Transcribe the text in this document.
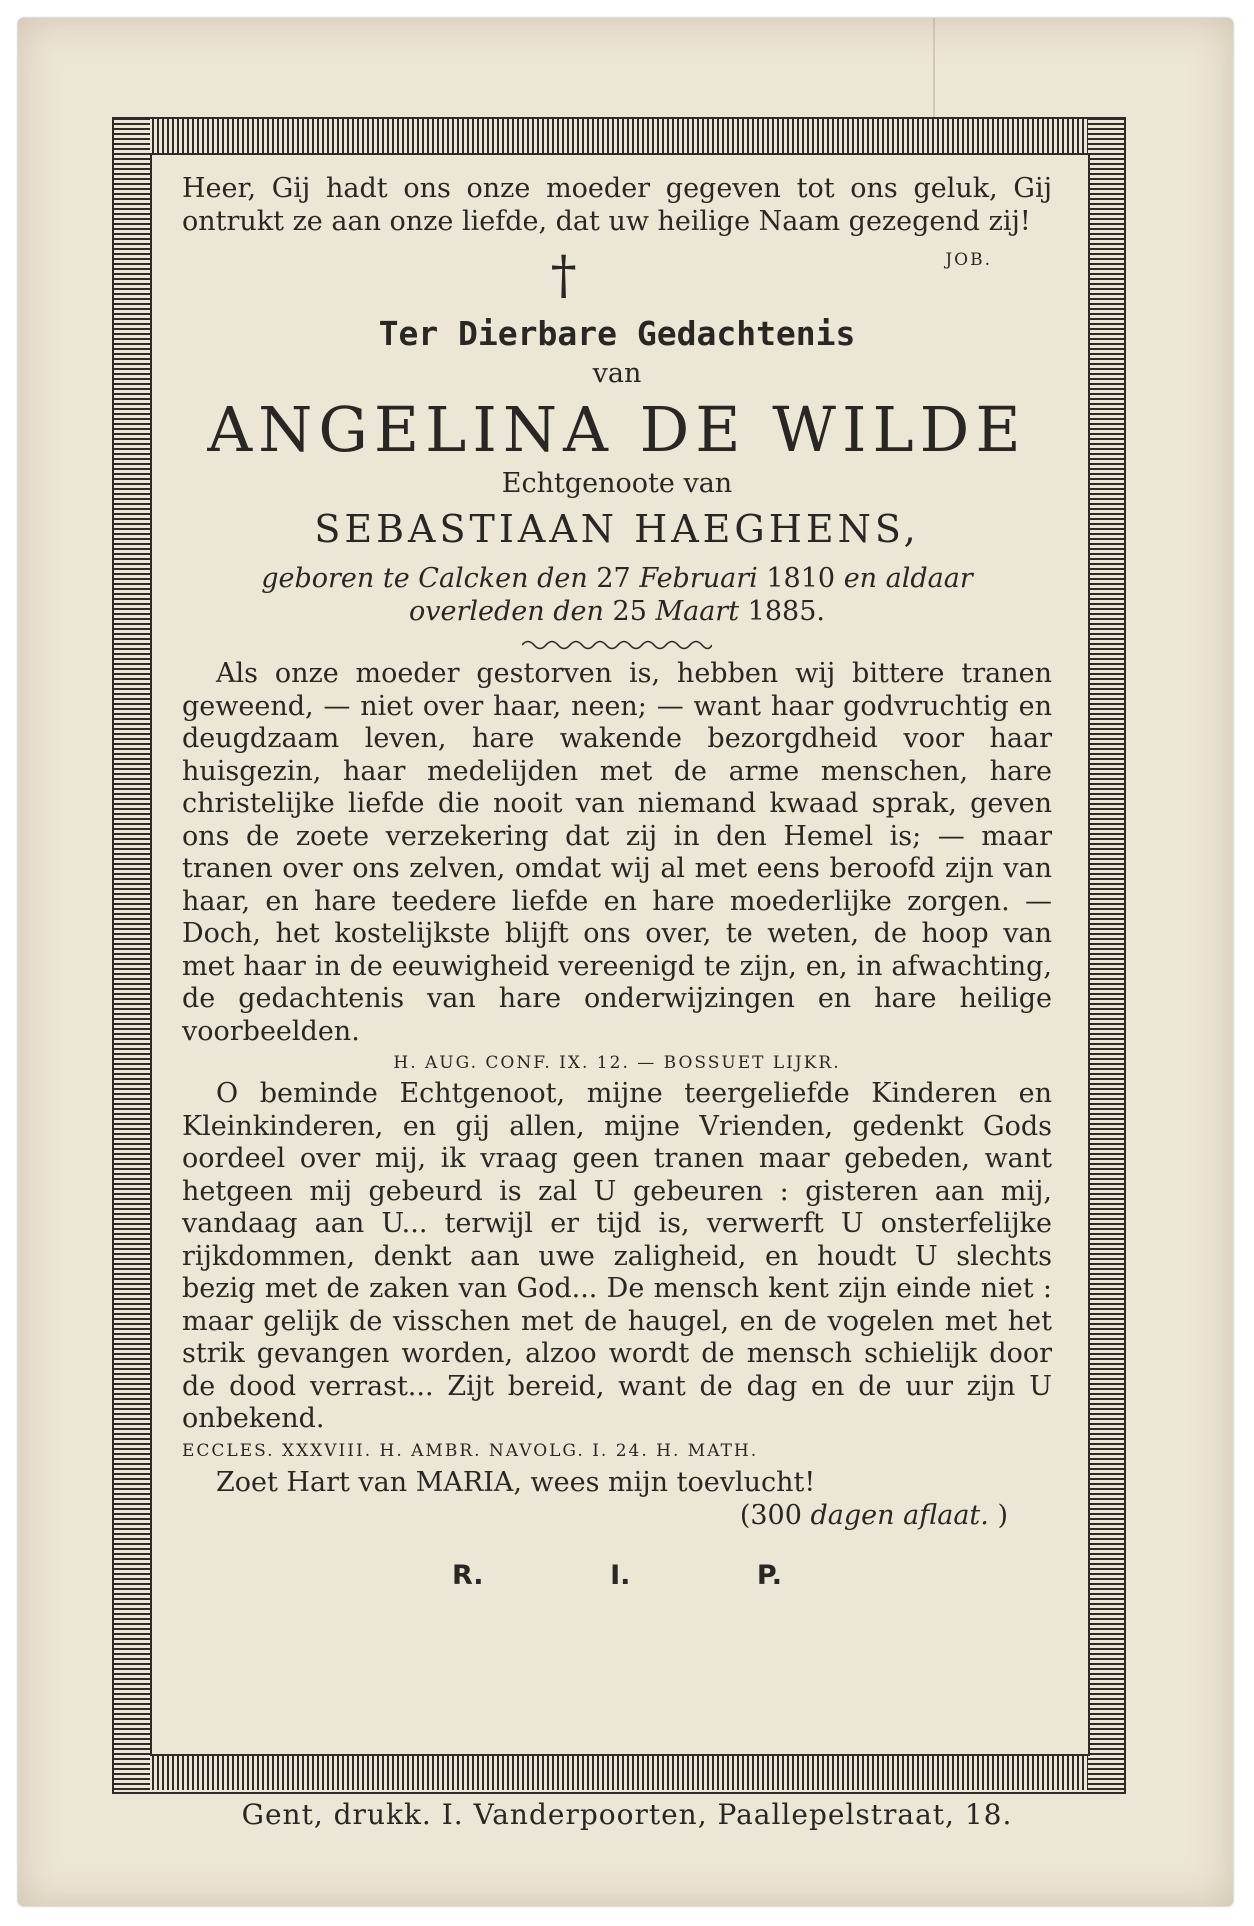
Heer, Gij hadt ons onze moeder gegeven tot ons geluk, Gij ontrukt ze aan onze liefde, dat uw heilige Naam gezegend zij!
JOB.

†
Ter Dierbare Gedachtenis
van
ANGELINA DE WILDE
Echtgenoote van
SEBASTIAAN HAEGHENS,
geboren te Calcken den 27 Februari 1810 en aldaar
overleden den 25 Maart 1885.

Als onze moeder gestorven is, hebben wij bittere tranen geweend, — niet over haar, neen; — want haar godvruchtig en deugdzaam leven, hare wakende bezorgdheid voor haar huisgezin, haar medelijden met de arme menschen, hare christelijke liefde die nooit van niemand kwaad sprak, geven ons de zoete verzekering dat zij in den Hemel is; — maar tranen over ons zelven, omdat wij al met eens beroofd zijn van haar, en hare teedere liefde en hare moederlijke zorgen. — Doch, het kostelijkste blijft ons over, te weten, de hoop van met haar in de eeuwigheid vereenigd te zijn, en, in afwachting, de gedachtenis van hare onderwijzingen en hare heilige voorbeelden.

H. AUG. CONF. IX. 12. — BOSSUET LIJKR.

O beminde Echtgenoot, mijne teergeliefde Kinderen en Kleinkinderen, en gij allen, mijne Vrienden, gedenkt Gods oordeel over mij, ik vraag geen tranen maar gebeden, want hetgeen mij gebeurd is zal U gebeuren : gisteren aan mij, vandaag aan U... terwijl er tijd is, verwerft U onsterfelijke rijkdommen, denkt aan uwe zaligheid, en houdt U slechts bezig met de zaken van God... De mensch kent zijn einde niet : maar gelijk de visschen met de haugel, en de vogelen met het strik gevangen worden, alzoo wordt de mensch schielijk door de dood verrast... Zijt bereid, want de dag en de uur zijn U onbekend.

ECCLES. XXXVIII. H. AMBR. NAVOLG. I. 24. H. MATH.
Zoet Hart van MARIA, wees mijn toevlucht!
(300 dagen aflaat. )
R.	I.	P.
Gent, drukk. I. Vanderpoorten, Paallepelstraat, 18.
